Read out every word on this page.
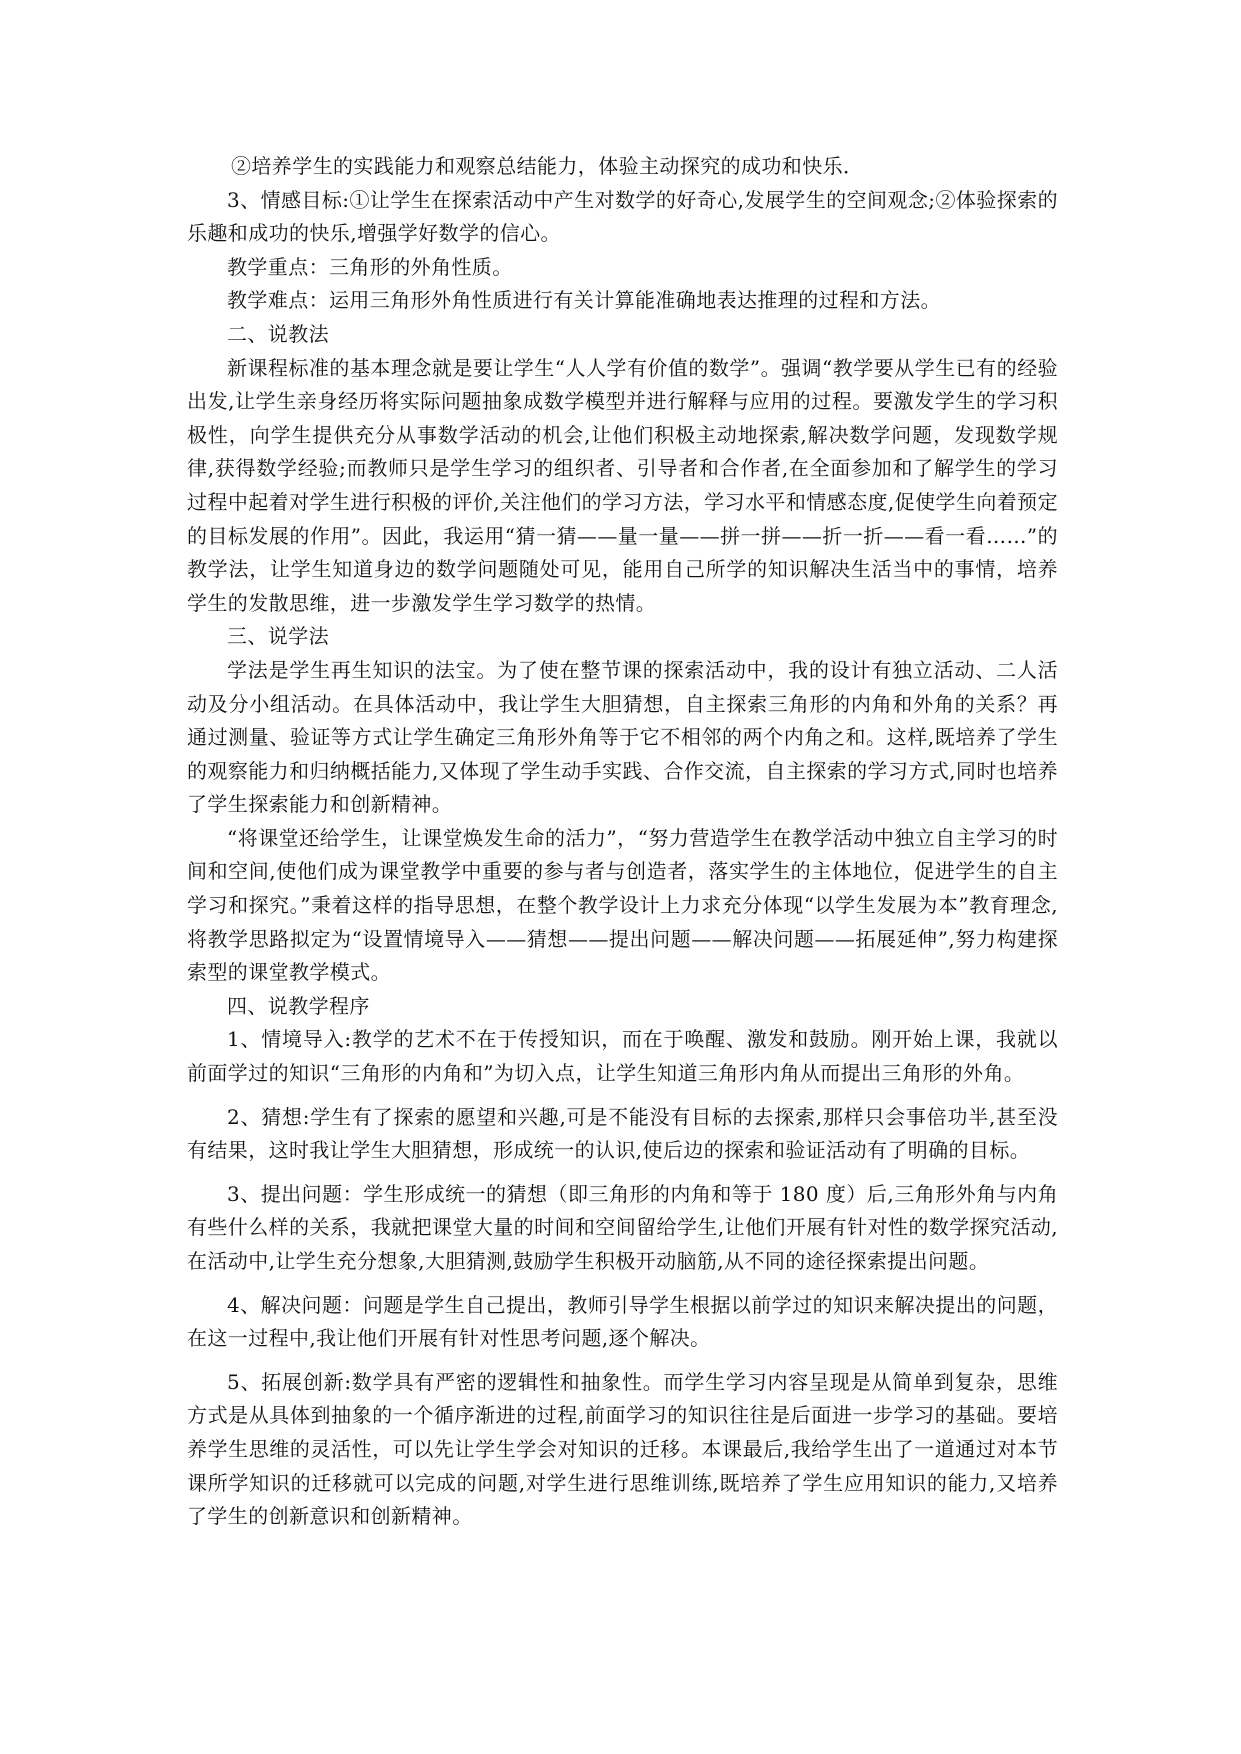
②培养学生的实践能力和观察总结能力，体验主动探究的成功和快乐．

3、情感目标:①让学生在探索活动中产生对数学的好奇心,发展学生的空间观念;②体验探索的乐趣和成功的快乐,增强学好数学的信心。

教学重点：三角形的外角性质。

教学难点：运用三角形外角性质进行有关计算能准确地表达推理的过程和方法。

二、说教法

新课程标准的基本理念就是要让学生“人人学有价值的数学”。强调“教学要从学生已有的经验出发,让学生亲身经历将实际问题抽象成数学模型并进行解释与应用的过程。要激发学生的学习积极性，向学生提供充分从事数学活动的机会,让他们积极主动地探索,解决数学问题，发现数学规律,获得数学经验;而教师只是学生学习的组织者、引导者和合作者,在全面参加和了解学生的学习过程中起着对学生进行积极的评价,关注他们的学习方法，学习水平和情感态度,促使学生向着预定的目标发展的作用”。因此，我运用“猜一猜——量一量——拼一拼——折一折——看一看……”的教学法，让学生知道身边的数学问题随处可见，能用自己所学的知识解决生活当中的事情，培养学生的发散思维，进一步激发学生学习数学的热情。

三、说学法

学法是学生再生知识的法宝。为了使在整节课的探索活动中，我的设计有独立活动、二人活动及分小组活动。在具体活动中，我让学生大胆猜想，自主探索三角形的内角和外角的关系？再通过测量、验证等方式让学生确定三角形外角等于它不相邻的两个内角之和。这样,既培养了学生的观察能力和归纳概括能力,又体现了学生动手实践、合作交流，自主探索的学习方式,同时也培养了学生探索能力和创新精神。

“将课堂还给学生，让课堂焕发生命的活力”，“努力营造学生在教学活动中独立自主学习的时间和空间,使他们成为课堂教学中重要的参与者与创造者，落实学生的主体地位，促进学生的自主学习和探究。”秉着这样的指导思想，在整个教学设计上力求充分体现“以学生发展为本”教育理念,将教学思路拟定为“设置情境导入——猜想——提出问题——解决问题——拓展延伸”,努力构建探索型的课堂教学模式。

四、说教学程序

1、情境导入:教学的艺术不在于传授知识，而在于唤醒、激发和鼓励。刚开始上课，我就以前面学过的知识“三角形的内角和”为切入点，让学生知道三角形内角从而提出三角形的外角。

2、猜想:学生有了探索的愿望和兴趣,可是不能没有目标的去探索,那样只会事倍功半,甚至没有结果，这时我让学生大胆猜想，形成统一的认识,使后边的探索和验证活动有了明确的目标。

3、提出问题：学生形成统一的猜想（即三角形的内角和等于 180 度）后,三角形外角与内角有些什么样的关系，我就把课堂大量的时间和空间留给学生,让他们开展有针对性的数学探究活动,在活动中,让学生充分想象,大胆猜测,鼓励学生积极开动脑筋,从不同的途径探索提出问题。

4、解决问题：问题是学生自己提出，教师引导学生根据以前学过的知识来解决提出的问题，在这一过程中,我让他们开展有针对性思考问题,逐个解决。

5、拓展创新:数学具有严密的逻辑性和抽象性。而学生学习内容呈现是从简单到复杂，思维方式是从具体到抽象的一个循序渐进的过程,前面学习的知识往往是后面进一步学习的基础。要培养学生思维的灵活性，可以先让学生学会对知识的迁移。本课最后,我给学生出了一道通过对本节课所学知识的迁移就可以完成的问题,对学生进行思维训练,既培养了学生应用知识的能力,又培养了学生的创新意识和创新精神。
